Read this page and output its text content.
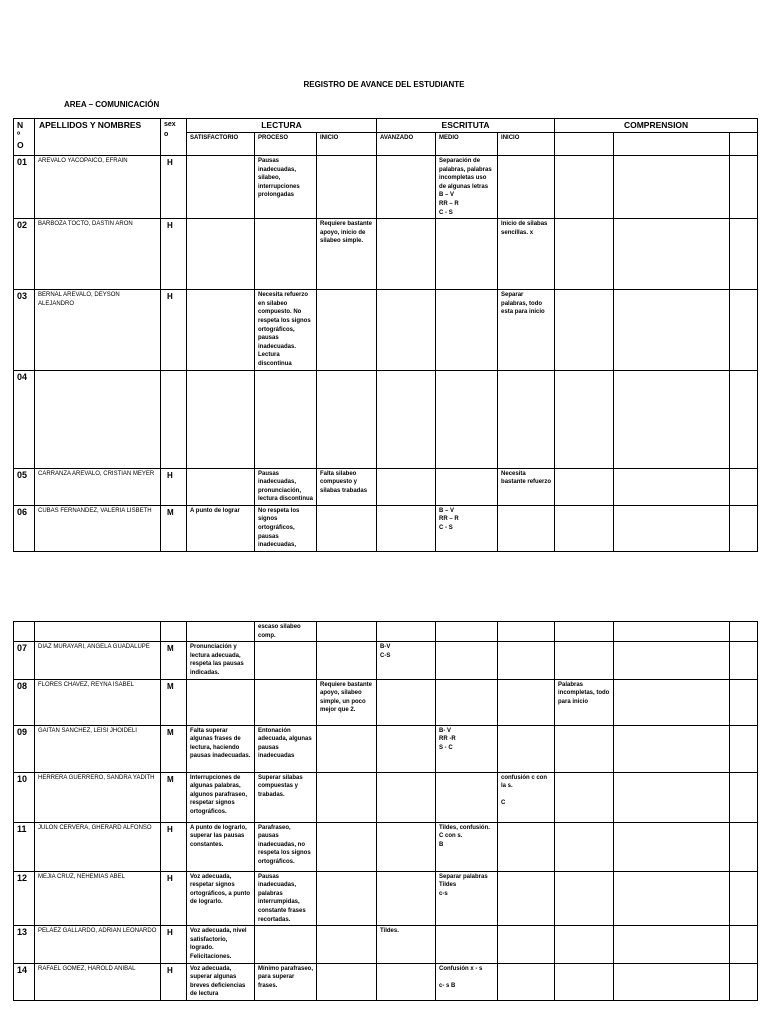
REGISTRO DE AVANCE DEL ESTUDIANTE
AREA – COMUNICACIÓN
N
º
O	APELLIDOS Y NOMBRES	sex
o	LECTURA			ESCRITUTA			COMPRENSION		
			SATISFACTORIO	PROCESO	INICIO	AVANZADO	MEDIO	INICIO			
01	AREVALO YACOPAICO, EFRAIN	H		Pausas inadecuadas, silabeo, interrupciones prolongadas			Separación de palabras, palabras incompletas uso de algunas letras B – V
RR – R
C - S				
02	BARBOZA TOCTO, DASTIN ARON	H			Requiere bastante apoyo, inicio de silabeo simple.			Inicio de silabas sencillas. x			
03	BERNAL AREVALO, DEYSON ALEJANDRO	H		Necesita refuerzo en silabeo compuesto. No respeta los signos ortográficos, pausas inadecuadas. Lectura discontinua				Separar palabras, todo esta para inicio			
04											
05	CARRANZA AREVALO, CRISTIAN MEYER	H		Pausas inadecuadas, pronunciación, lectura discontinua	Falta silabeo compuesto y silabas trabadas			Necesita bastante refuerzo			
06	CUBAS FERNANDEZ, VALERIA LISBETH	M	A punto de lograr	No respeta los signos ortográficos, pausas inadecuadas,			B – V
RR – R
C - S				
				escaso silabeo comp.							
07	DIAZ MURAYARI, ANGELA GUADALUPE	M	Pronunciación y lectura adecuada, respeta las pausas indicadas.			B-V
C-S					
08	FLORES CHAVEZ, REYNA ISABEL	M			Requiere bastante apoyo, silabeo simple, un poco mejor que 2.				Palabras incompletas, todo para inicio		
09	GAITAN SANCHEZ, LEISI JHOIDELI	M	Falta superar algunas frases de lectura, haciendo pausas inadecuadas.	Entonación adecuada, algunas pausas inadecuadas			B- V
RR -R
S - C				
10	HERRERA GUERRERO, SANDRA YADITH	M	Interrupciones de algunas palabras, algunos parafraseo, respetar signos ortográficos.	Superar silabas compuestas y trabadas.				confusión c con la s.

C			
11	JULON CERVERA, GHERARD ALFONSO	H	A punto de lograrlo, superar las pausas constantes.	Parafraseo, pausas inadecuadas, no respeta los signos ortográficos.			Tildes, confusión. C con s.
B				
12	MEJIA CRUZ, NEHEMIAS ABEL	H	Voz adecuada, respetar signos ortográficos, a punto de lograrlo.	Pausas inadecuadas, palabras interrumpidas, constante frases recortadas.			Separar palabras
Tildes
c-s				
13	PELAEZ GALLARDO, ADRIAN LEONARDO	H	Voz adecuada, nivel satisfactorio, logrado. Felicitaciones.			Tildes.					
14	RAFAEL GOMEZ, HAROLD ANIBAL	H	Voz adecuada, superar algunas breves deficiencias de lectura	Mínimo parafraseo, para superar frases.			Confusión x - s

c- s B				
